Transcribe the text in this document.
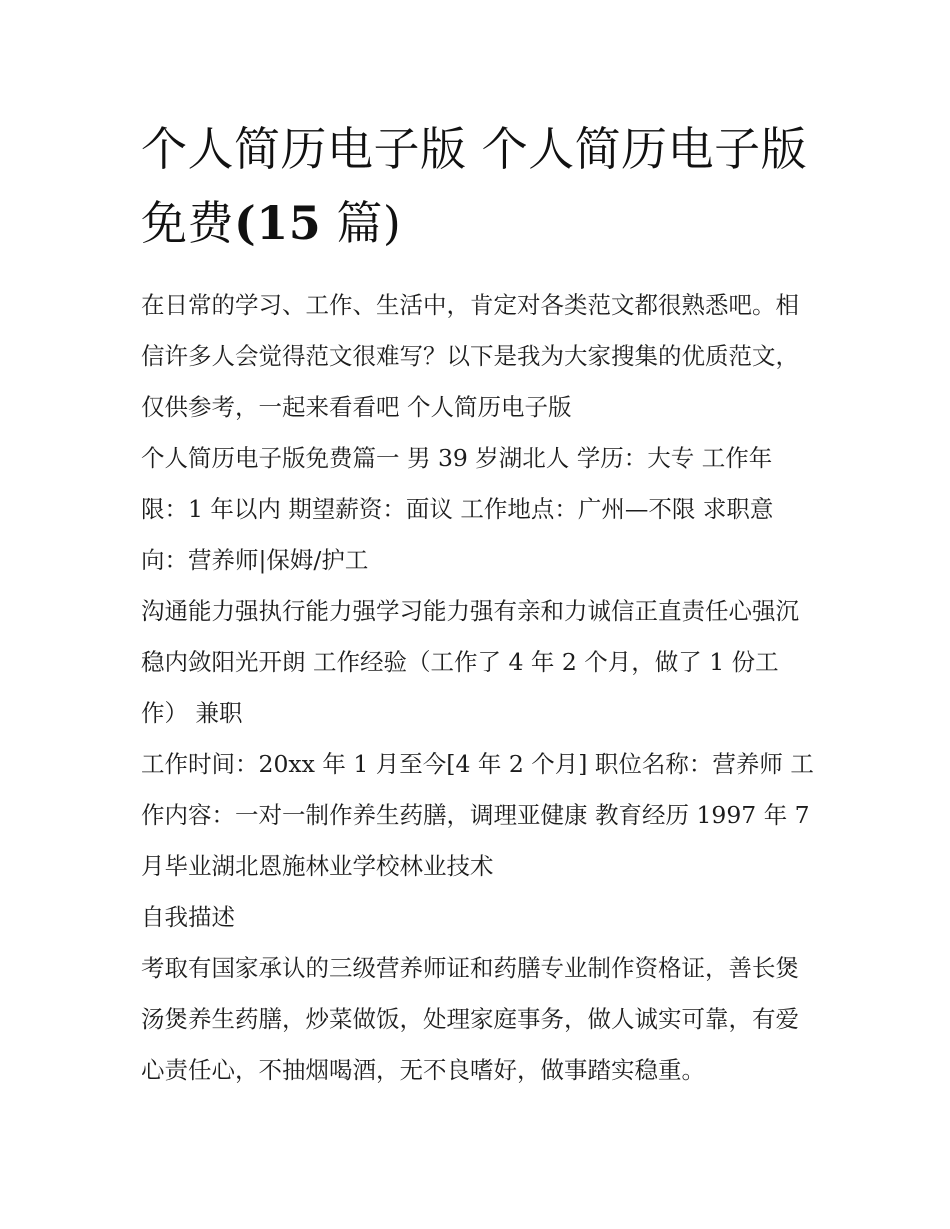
个人简历电子版 个人简历电子版免费(15 篇)

在日常的学习、工作、生活中，肯定对各类范文都很熟悉吧。相信许多人会觉得范文很难写？以下是我为大家搜集的优质范文，仅供参考，一起来看看吧 个人简历电子版

个人简历电子版免费篇一 男 39 岁湖北人 学历：大专 工作年限：1 年以内 期望薪资：面议 工作地点：广州—不限 求职意向：营养师|保姆/护工

沟通能力强执行能力强学习能力强有亲和力诚信正直责任心强沉稳内敛阳光开朗 工作经验（工作了 4 年 2 个月，做了 1 份工作） 兼职

工作时间：20xx 年 1 月至今[4 年 2 个月] 职位名称：营养师 工作内容：一对一制作养生药膳，调理亚健康 教育经历 1997 年 7 月毕业湖北恩施林业学校林业技术

自我描述

考取有国家承认的三级营养师证和药膳专业制作资格证，善长煲汤煲养生药膳，炒菜做饭，处理家庭事务，做人诚实可靠，有爱心责任心，不抽烟喝酒，无不良嗜好，做事踏实稳重。
